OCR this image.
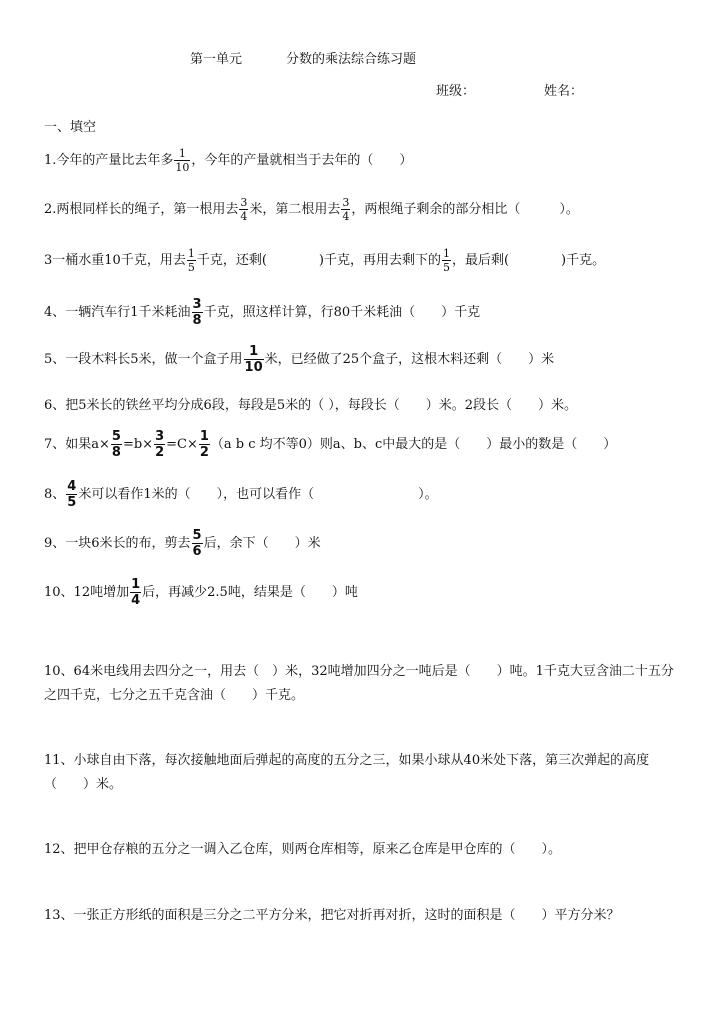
第一单元	分数的乘法综合练习题
班级：	姓名：
一、填空
1.今年的产量比去年多 $\frac{1}{10}$ ，今年的产量就相当于去年的（　　）
2.两根同样长的绳子，第一根用去 $\frac{3}{4}$ 米，第二根用去 $\frac{3}{4}$ ，两根绳子剩余的部分相比（　　　）。
3一桶水重10千克，用去 $\frac{1}{5}$ 千克，还剩(　　　　)千克，再用去剩下的 $\frac{1}{5}$ ，最后剩(　　　　)千克。
4、一辆汽车行1千米耗油 $\frac{3}{8}$ 千克，照这样计算，行80千米耗油（　　）千克
5、一段木料长5米，做一个盒子用 $\frac{1}{10}$ 米，已经做了25个盒子，这根木料还剩（　　）米
6、把5米长的铁丝平均分成6段，每段是5米的（ ），每段长（　　）米。2段长（　　）米。
7、如果$a\times \frac{5}{8} =b\times \frac{3}{2} =C\times \frac{1}{2} (a$ b c 均不等0）则a、b、c中最大的是（　　）最小的数是（　　）
8、 $\frac{4}{5}$ 米可以看作1米的（　　），也可以看作（　　　　　　　　）。
9、一块6米长的布，剪去 $\frac{5}{6}$ 后，余下（　　）米
10、12吨增加 $\frac{1}{4}$ 后，再减少2.5吨，结果是（　　）吨
10、64米电线用去四分之一，用去（　）米，32吨增加四分之一吨后是（　　）吨。1千克大豆含油二十五分之四千克，七分之五千克含油（　　）千克。
11、小球自由下落，每次接触地面后弹起的高度的五分之三，如果小球从40米处下落，第三次弹起的高度（　　）米。
12、把甲仓存粮的五分之一调入乙仓库，则两仓库相等，原来乙仓库是甲仓库的（　　）。
13、一张正方形纸的面积是三分之二平方分米，把它对折再对折，这时的面积是（　　）平方分米？
